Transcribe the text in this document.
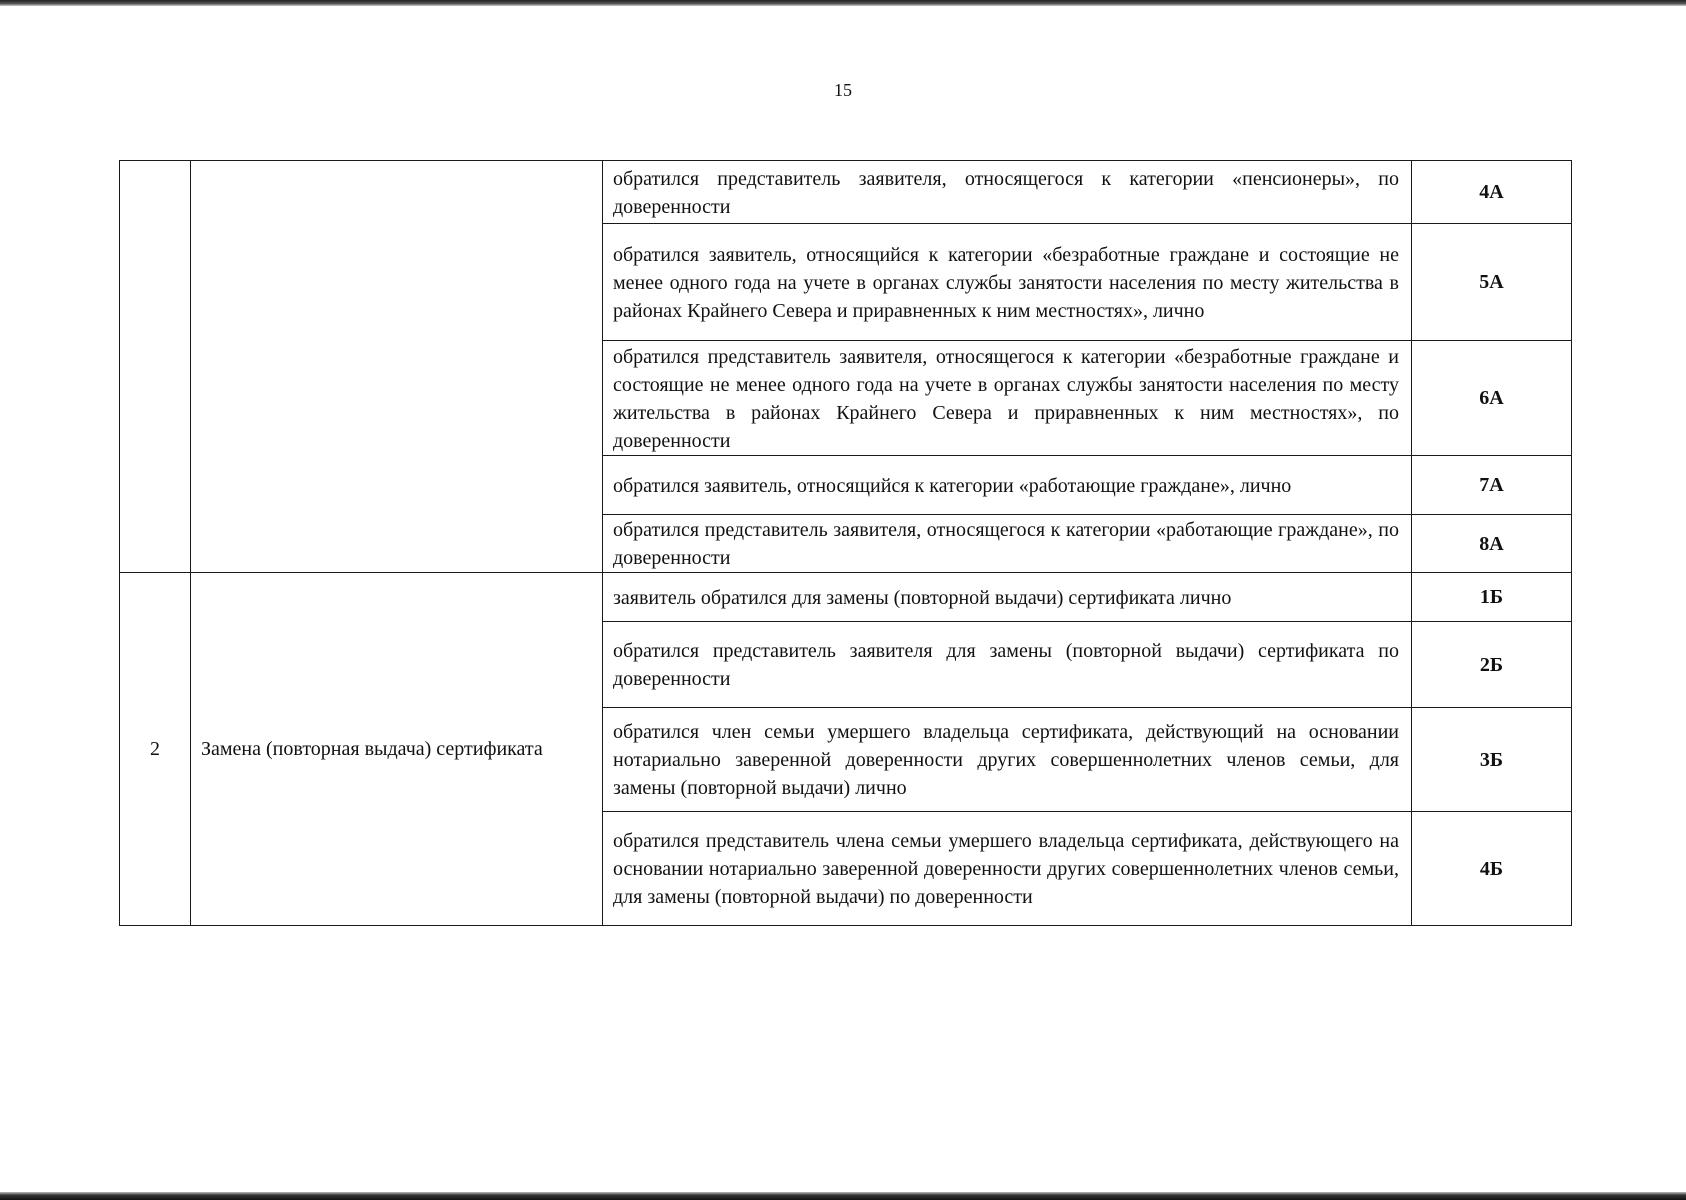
15
		обратился представитель заявителя, относящегося к категории «пенсионеры», по доверенности	4А
		обратился заявитель, относящийся к категории «безработные граждане и состоящие не менее одного года на учете в органах службы занятости населения по месту жительства в районах Крайнего Севера и приравненных к ним местностях», лично	5А
		обратился представитель заявителя, относящегося к категории «безработные граждане и состоящие не менее одного года на учете в органах службы занятости населения по месту жительства в районах Крайнего Севера и приравненных к ним местностях», по доверенности	6А
		обратился заявитель, относящийся к категории «работающие граждане», лично	7А
		обратился представитель заявителя, относящегося к категории «работающие граждане», по доверенности	8А
2	Замена (повторная выдача) сертификата	заявитель обратился для замены (повторной выдачи) сертификата лично	1Б
		обратился представитель заявителя для замены (повторной выдачи) сертификата по доверенности	2Б
		обратился член семьи умершего владельца сертификата, действующий на основании нотариально заверенной доверенности других совершеннолетних членов семьи, для замены (повторной выдачи) лично	3Б
		обратился представитель члена семьи умершего владельца сертификата, действующего на основании нотариально заверенной доверенности других совершеннолетних членов семьи, для замены (повторной выдачи) по доверенности	4Б
